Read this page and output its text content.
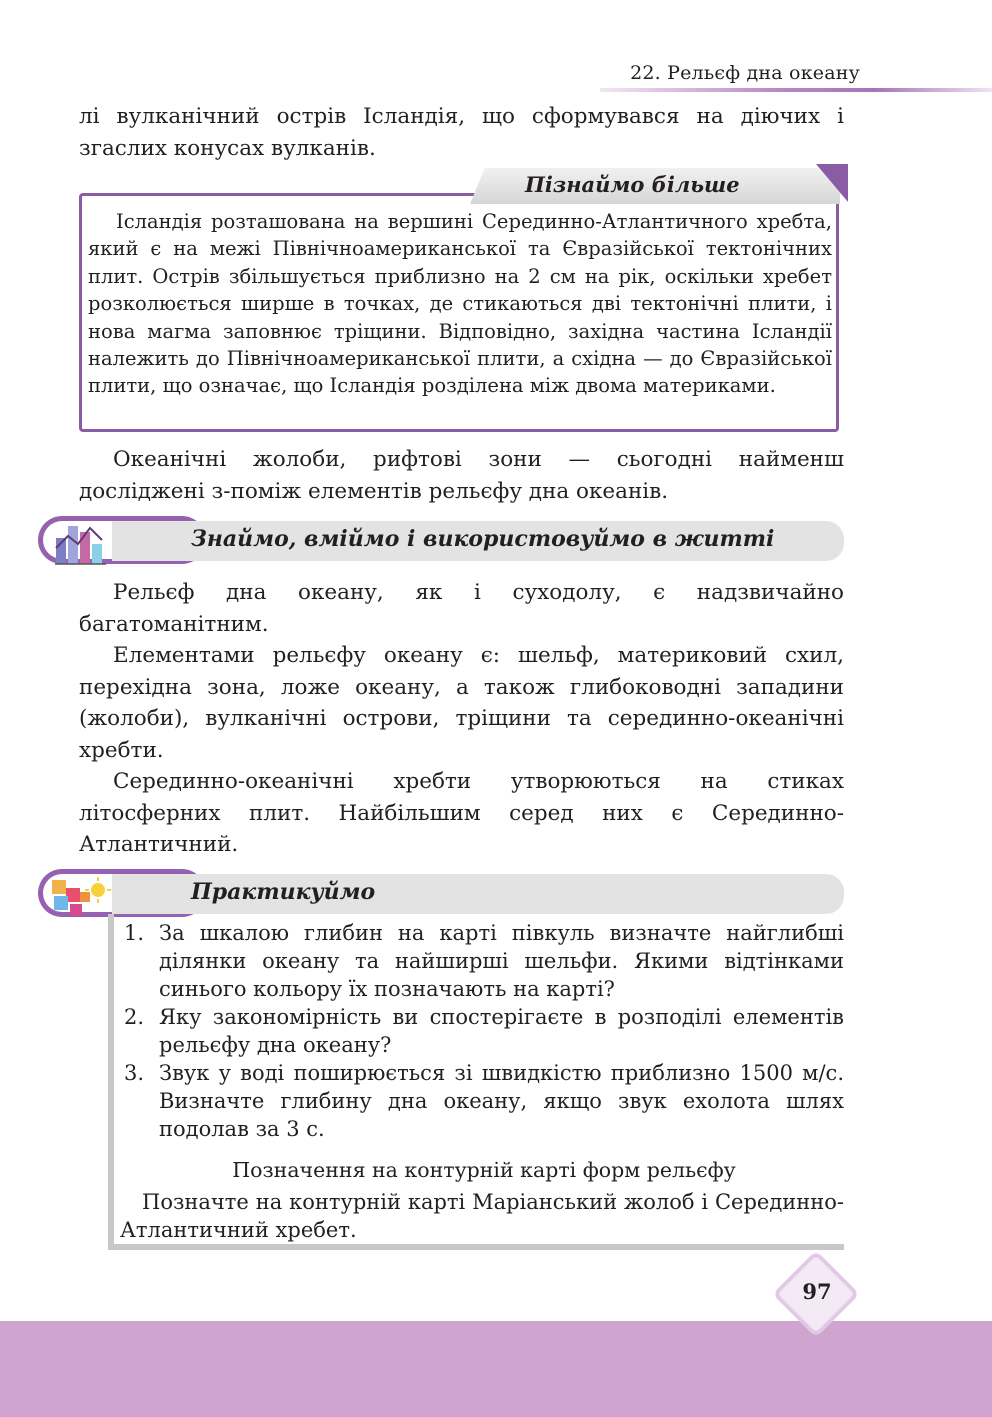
22. Рельєф дна океану
лі вулканічний острів Ісландія, що сформувався на діючих і
згаслих конусах вулканів.

Ісландія розташована на вершині Серединно-Атлантичного хребта, який є на межі Північноамериканської та Євразійської тектонічних плит. Острів збільшується приблизно на 2 см на рік, оскільки хребет розколюється ширше в точках, де стикаються дві тектонічні плити, і нова магма заповнює тріщини. Відповідно, західна частина Ісландії належить до Північноамериканської плити, а східна — до Євразійської плити, що означає, що Ісландія розділена між двома материками.

Пізнаймо більше

Океанічні жолоби, рифтові зони — сьогодні найменш досліджені з-поміж елементів рельєфу дна океанів.

Знаймо, вміймо і використовуймо в житті

Рельєф дна океану, як і суходолу, є надзвичайно багатоманітним.

Елементами рельєфу океану є: шельф, материковий схил, перехідна зона, ложе океану, а також глибоководні западини (жолоби), вулканічні острови, тріщини та серединно-океанічні хребти.

Серединно-океанічні хребти утворюються на стиках літосферних плит. Найбільшим серед них є Серединно-Атлантичний.

Практикуймо
1. За шкалою глибин на карті півкуль визначте найглибші ділянки океану та найширші шельфи. Якими відтінками синього кольору їх позначають на карті?
2. Яку закономірність ви спостерігаєте в розподілі елементів рельєфу дна океану?
3. Звук у воді поширюється зі швидкістю приблизно 1500 м/с. Визначте глибину дна океану, якщо звук ехолота шлях подолав за 3 с.
Позначення на контурній карті форм рельєфу

Позначте на контурній карті Маріанський жолоб і Серединно-Атлантичний хребет.

97
